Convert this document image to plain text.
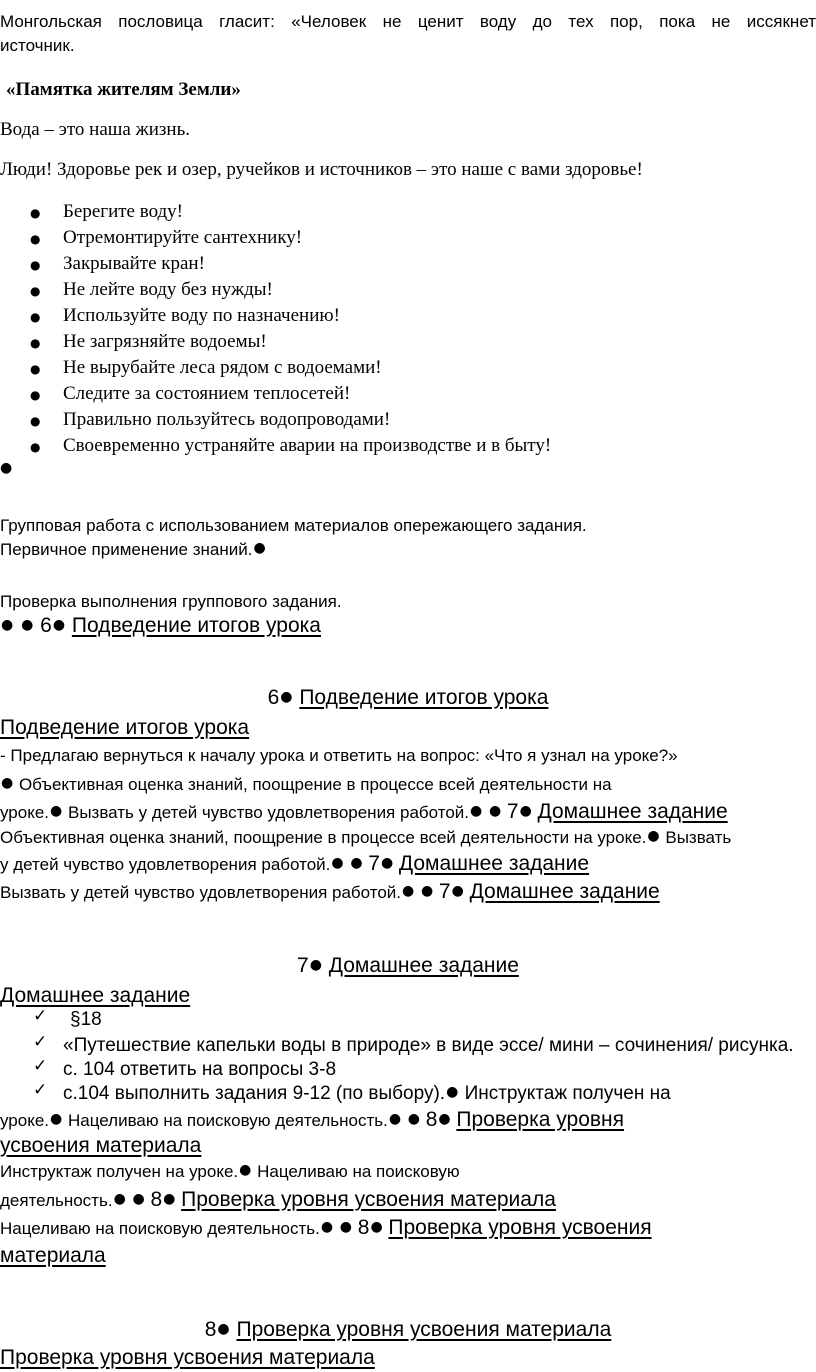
Монгольская пословица гласит: «Человек не ценит воду до тех пор, пока не иссякнет
источник.
«Памятка жителям Земли»
Вода – это наша жизнь.
Люди! Здоровье рек и озер, ручейков и источников – это наше с вами здоровье!
● Берегите воду!
● Отремонтируйте сантехнику!
● Закрывайте кран!
● Не лейте воду без нужды!
● Используйте воду по назначению!
● Не загрязняйте водоемы!
● Не вырубайте леса рядом с водоемами!
● Следите за состоянием теплосетей!
● Правильно пользуйтесь водопроводами!
● Своевременно устраняйте аварии на производстве и в быту!
●
Групповая работа с использованием материалов опережающего задания.
Первичное применение знаний.●
Проверка выполнения группового задания.
● ● 6● Подведение итогов урока
6● Подведение итогов урока
Подведение итогов урока
- Предлагаю вернуться к началу урока и ответить на вопрос: «Что я узнал на уроке?»
● Объективная оценка знаний, поощрение в процессе всей деятельности на
уроке.● Вызвать у детей чувство удовлетворения работой.● ● 7● Домашнее задание
Объективная оценка знаний, поощрение в процессе всей деятельности на уроке.● Вызвать
у детей чувство удовлетворения работой.● ● 7● Домашнее задание
Вызвать у детей чувство удовлетворения работой.● ● 7● Домашнее задание
7● Домашнее задание
Домашнее задание
✓ §18
✓ «Путешествие капельки воды в природе» в виде эссе/ мини – сочинения/ рисунка.
✓ с. 104 ответить на вопросы 3-8
✓ с.104 выполнить задания 9-12 (по выбору).● Инструктаж получен на
уроке.● Нацеливаю на поисковую деятельность.● ● 8● Проверка уровня
усвоения материала
Инструктаж получен на уроке.● Нацеливаю на поисковую
деятельность.● ● 8● Проверка уровня усвоения материала
Нацеливаю на поисковую деятельность.● ● 8● Проверка уровня усвоения
материала
8● Проверка уровня усвоения материала
Проверка уровня усвоения материала
